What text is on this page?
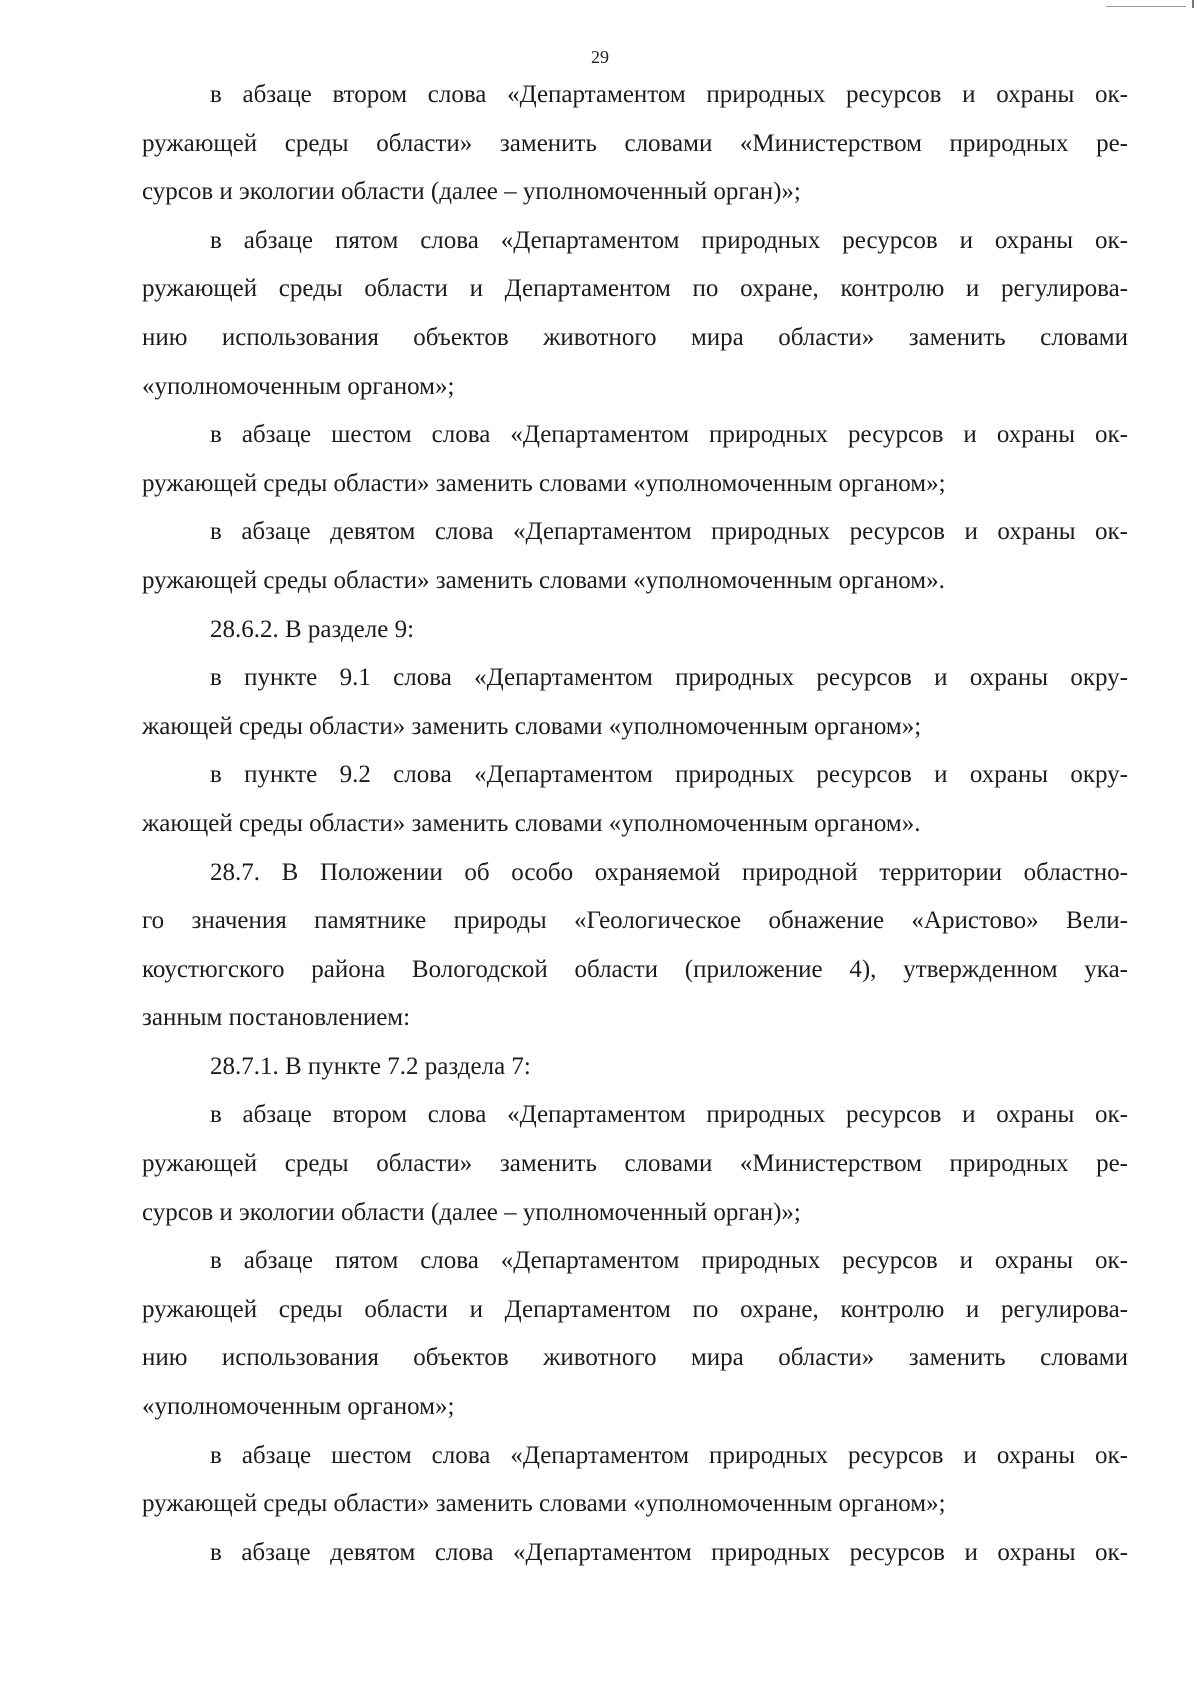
29
в абзаце втором слова «Департаментом природных ресурсов и охраны ок-
ружающей среды области» заменить словами «Министерством природных ре-
сурсов и экологии области (далее – уполномоченный орган)»;
в абзаце пятом слова «Департаментом природных ресурсов и охраны ок-
ружающей среды области и Департаментом по охране, контролю и регулирова-
нию использования объектов животного мира области» заменить словами
«уполномоченным органом»;
в абзаце шестом слова «Департаментом природных ресурсов и охраны ок-
ружающей среды области» заменить словами «уполномоченным органом»;
в абзаце девятом слова «Департаментом природных ресурсов и охраны ок-
ружающей среды области» заменить словами «уполномоченным органом».
28.6.2. В разделе 9:
в пункте 9.1 слова «Департаментом природных ресурсов и охраны окру-
жающей среды области» заменить словами «уполномоченным органом»;
в пункте 9.2 слова «Департаментом природных ресурсов и охраны окру-
жающей среды области» заменить словами «уполномоченным органом».
28.7. В Положении об особо охраняемой природной территории областно-
го значения памятнике природы «Геологическое обнажение «Аристово» Вели-
коустюгского района Вологодской области (приложение 4), утвержденном ука-
занным постановлением:
28.7.1. В пункте 7.2 раздела 7:
в абзаце втором слова «Департаментом природных ресурсов и охраны ок-
ружающей среды области» заменить словами «Министерством природных ре-
сурсов и экологии области (далее – уполномоченный орган)»;
в абзаце пятом слова «Департаментом природных ресурсов и охраны ок-
ружающей среды области и Департаментом по охране, контролю и регулирова-
нию использования объектов животного мира области» заменить словами
«уполномоченным органом»;
в абзаце шестом слова «Департаментом природных ресурсов и охраны ок-
ружающей среды области» заменить словами «уполномоченным органом»;
в абзаце девятом слова «Департаментом природных ресурсов и охраны ок-
